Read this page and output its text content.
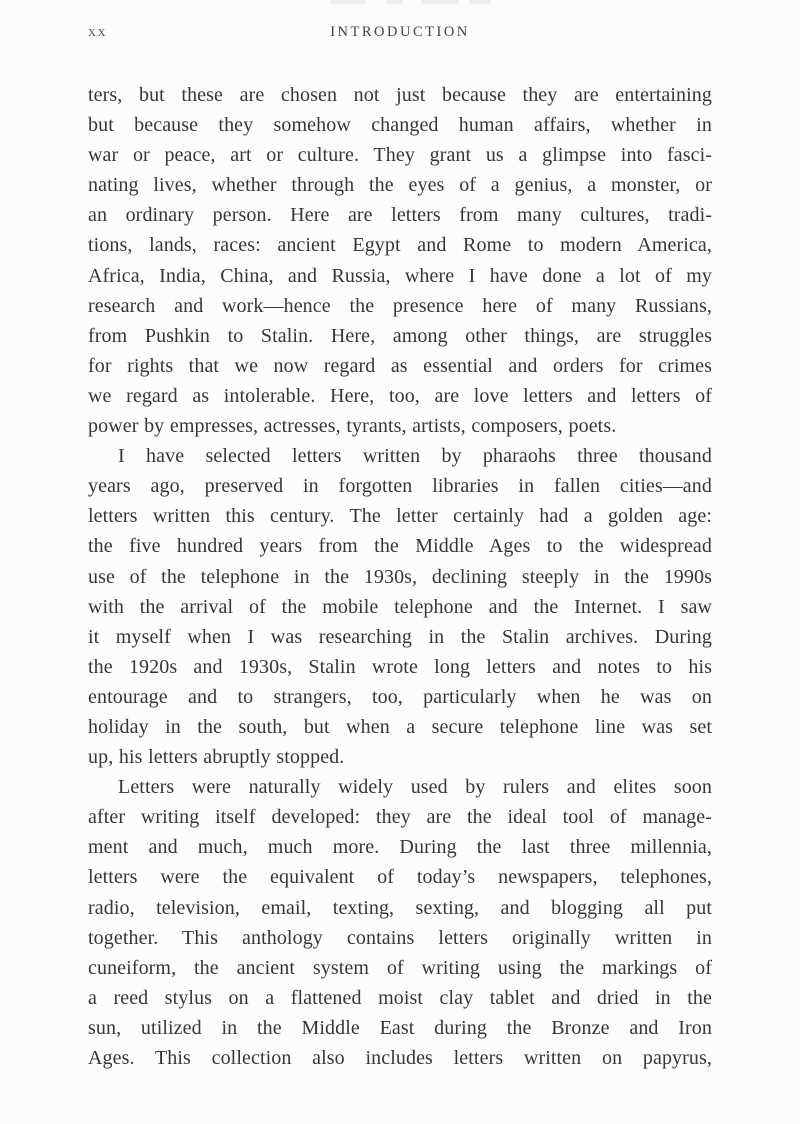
xx	INTRODUCTION
ters, but these are chosen not just because they are entertaining
but because they somehow changed human affairs, whether in
war or peace, art or culture. They grant us a glimpse into fasci-
nating lives, whether through the eyes of a genius, a monster, or
an ordinary person. Here are letters from many cultures, tradi-
tions, lands, races: ancient Egypt and Rome to modern America,
Africa, India, China, and Russia, where I have done a lot of my
research and work—hence the presence here of many Russians,
from Pushkin to Stalin. Here, among other things, are struggles
for rights that we now regard as essential and orders for crimes
we regard as intolerable. Here, too, are love letters and letters of
power by empresses, actresses, tyrants, artists, composers, poets.
I have selected letters written by pharaohs three thousand
years ago, preserved in forgotten libraries in fallen cities—and
letters written this century. The letter certainly had a golden age:
the five hundred years from the Middle Ages to the widespread
use of the telephone in the 1930s, declining steeply in the 1990s
with the arrival of the mobile telephone and the Internet. I saw
it myself when I was researching in the Stalin archives. During
the 1920s and 1930s, Stalin wrote long letters and notes to his
entourage and to strangers, too, particularly when he was on
holiday in the south, but when a secure telephone line was set
up, his letters abruptly stopped.
Letters were naturally widely used by rulers and elites soon
after writing itself developed: they are the ideal tool of manage-
ment and much, much more. During the last three millennia,
letters were the equivalent of today’s newspapers, telephones,
radio, television, email, texting, sexting, and blogging all put
together. This anthology contains letters originally written in
cuneiform, the ancient system of writing using the markings of
a reed stylus on a flattened moist clay tablet and dried in the
sun, utilized in the Middle East during the Bronze and Iron
Ages. This collection also includes letters written on papyrus,
